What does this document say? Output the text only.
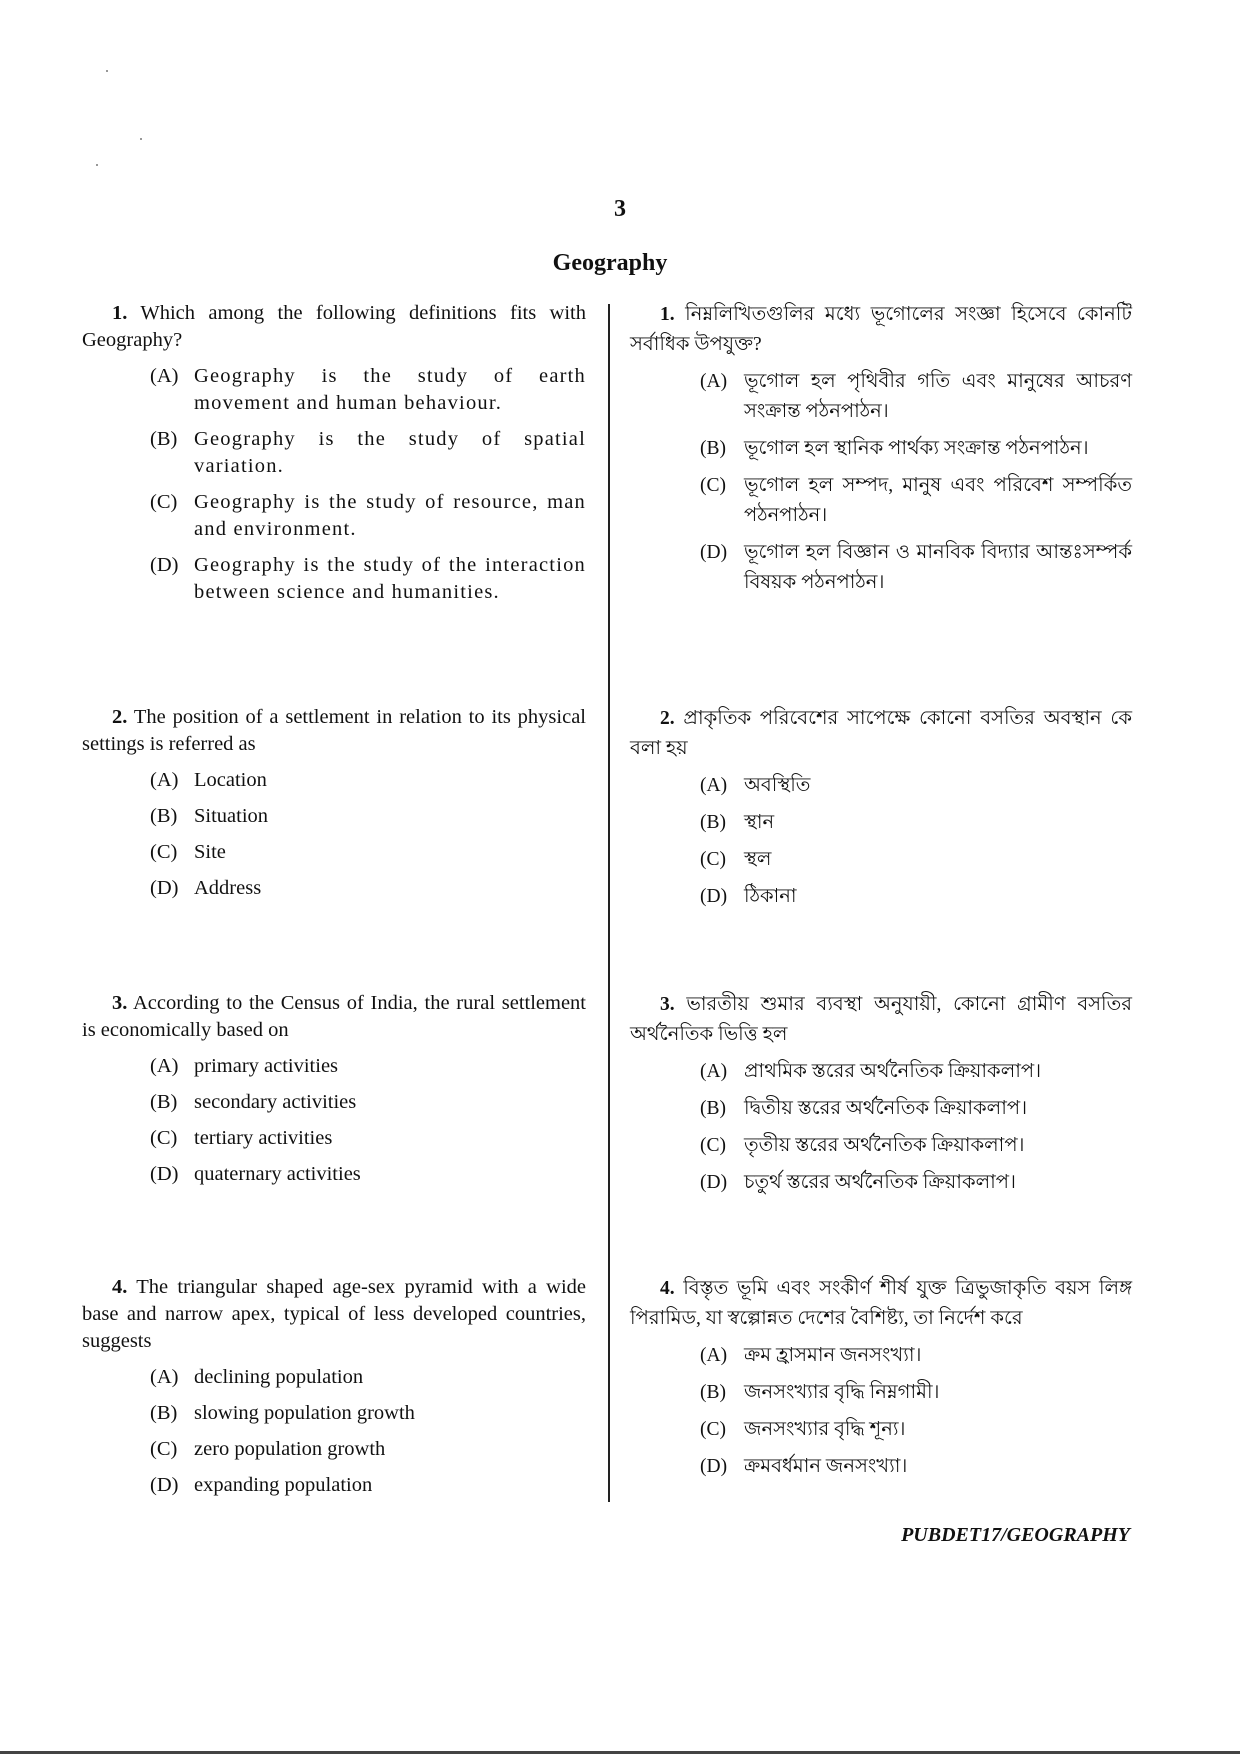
3
Geography
1. Which among the following definitions fits with Geography?
(A) Geography is the study of earth movement and human behaviour.
(B) Geography is the study of spatial variation.
(C) Geography is the study of resource, man and environment.
(D) Geography is the study of the interaction between science and humanities.
2. The position of a settlement in relation to its physical settings is referred as
(A) Location
(B) Situation
(C) Site
(D) Address
3. According to the Census of India, the rural settlement is economically based on
(A) primary activities
(B) secondary activities
(C) tertiary activities
(D) quaternary activities
4. The triangular shaped age-sex pyramid with a wide base and narrow apex, typical of less developed countries, suggests
(A) declining population
(B) slowing population growth
(C) zero population growth
(D) expanding population
1. নিম্নলিখিতগুলির মধ্যে ভূগোলের সংজ্ঞা হিসেবে কোনটি সর্বাধিক উপযুক্ত?
(A) ভূগোল হল পৃথিবীর গতি এবং মানুষের আচরণ সংক্রান্ত পঠনপাঠন।
(B) ভূগোল হল স্থানিক পার্থক্য সংক্রান্ত পঠনপাঠন।
(C) ভূগোল হল সম্পদ, মানুষ এবং পরিবেশ সম্পর্কিত পঠনপাঠন।
(D) ভূগোল হল বিজ্ঞান ও মানবিক বিদ্যার আন্তঃসম্পর্ক বিষয়ক পঠনপাঠন।
2. প্রাকৃতিক পরিবেশের সাপেক্ষে কোনো বসতির অবস্থান কে বলা হয়
(A) অবস্থিতি
(B) স্থান
(C) স্থল
(D) ঠিকানা
3. ভারতীয় শুমার ব্যবস্থা অনুযায়ী, কোনো গ্রামীণ বসতির অর্থনৈতিক ভিত্তি হল
(A) প্রাথমিক স্তরের অর্থনৈতিক ক্রিয়াকলাপ।
(B) দ্বিতীয় স্তরের অর্থনৈতিক ক্রিয়াকলাপ।
(C) তৃতীয় স্তরের অর্থনৈতিক ক্রিয়াকলাপ।
(D) চতুর্থ স্তরের অর্থনৈতিক ক্রিয়াকলাপ।
4. বিস্তৃত ভূমি এবং সংকীর্ণ শীর্ষ যুক্ত ত্রিভুজাকৃতি বয়স লিঙ্গ পিরামিড, যা স্বল্পোন্নত দেশের বৈশিষ্ট্য, তা নির্দেশ করে
(A) ক্রম হ্রাসমান জনসংখ্যা।
(B) জনসংখ্যার বৃদ্ধি নিম্নগামী।
(C) জনসংখ্যার বৃদ্ধি শূন্য।
(D) ক্রমবর্ধমান জনসংখ্যা।
PUBDET17/GEOGRAPHY
